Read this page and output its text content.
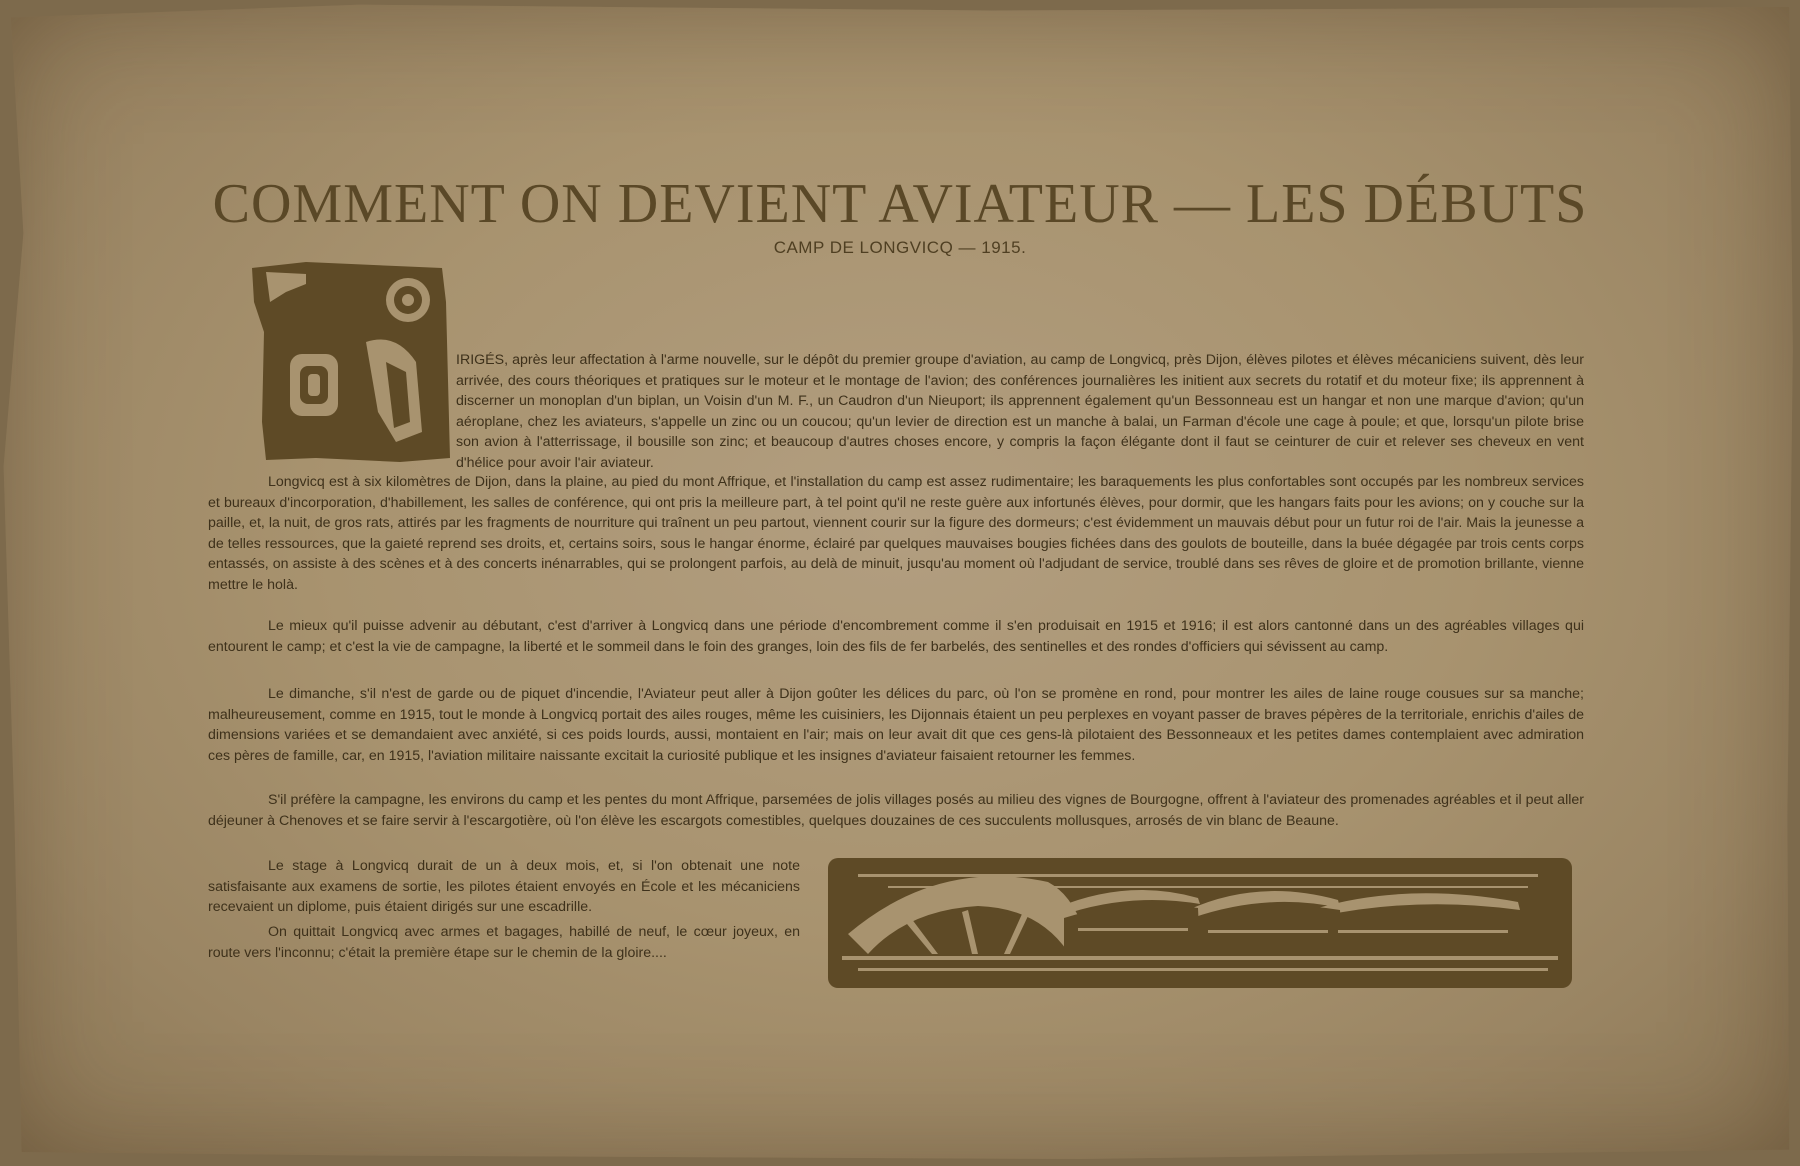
COMMENT ON DEVIENT AVIATEUR — LES DÉBUTS
CAMP DE LONGVICQ — 1915.
IRIGÉS, après leur affectation à l'arme nouvelle, sur le dépôt du premier groupe d'aviation, au camp de Longvicq, près Dijon, élèves pilotes et élèves mécaniciens suivent, dès leur arrivée, des cours théoriques et pratiques sur le moteur et le montage de l'avion; des conférences journalières les initient aux secrets du rotatif et du moteur fixe; ils apprennent à discerner un monoplan d'un biplan, un Voisin d'un M. F., un Caudron d'un Nieuport; ils apprennent également qu'un Bessonneau est un hangar et non une marque d'avion; qu'un aéroplane, chez les aviateurs, s'appelle un zinc ou un coucou; qu'un levier de direction est un manche à balai, un Farman d'école une cage à poule; et que, lorsqu'un pilote brise son avion à l'atterrissage, il bousille son zinc; et beaucoup d'autres choses encore, y compris la façon élégante dont il faut se ceinturer de cuir et relever ses cheveux en vent d'hélice pour avoir l'air aviateur.
Longvicq est à six kilomètres de Dijon, dans la plaine, au pied du mont Affrique, et l'installation du camp est assez rudimentaire; les baraquements les plus confortables sont occupés par les nombreux services et bureaux d'incorporation, d'habillement, les salles de conférence, qui ont pris la meilleure part, à tel point qu'il ne reste guère aux infortunés élèves, pour dormir, que les hangars faits pour les avions; on y couche sur la paille, et, la nuit, de gros rats, attirés par les fragments de nourriture qui traînent un peu partout, viennent courir sur la figure des dormeurs; c'est évidemment un mauvais début pour un futur roi de l'air. Mais la jeunesse a de telles ressources, que la gaieté reprend ses droits, et, certains soirs, sous le hangar énorme, éclairé par quelques mauvaises bougies fichées dans des goulots de bouteille, dans la buée dégagée par trois cents corps entassés, on assiste à des scènes et à des concerts inénarrables, qui se prolongent parfois, au delà de minuit, jusqu'au moment où l'adjudant de service, troublé dans ses rêves de gloire et de promotion brillante, vienne mettre le holà.
Le mieux qu'il puisse advenir au débutant, c'est d'arriver à Longvicq dans une période d'encombrement comme il s'en produisait en 1915 et 1916; il est alors cantonné dans un des agréables villages qui entourent le camp; et c'est la vie de campagne, la liberté et le sommeil dans le foin des granges, loin des fils de fer barbelés, des sentinelles et des rondes d'officiers qui sévissent au camp.
Le dimanche, s'il n'est de garde ou de piquet d'incendie, l'Aviateur peut aller à Dijon goûter les délices du parc, où l'on se promène en rond, pour montrer les ailes de laine rouge cousues sur sa manche; malheureusement, comme en 1915, tout le monde à Longvicq portait des ailes rouges, même les cuisiniers, les Dijonnais étaient un peu perplexes en voyant passer de braves pépères de la territoriale, enrichis d'ailes de dimensions variées et se demandaient avec anxiété, si ces poids lourds, aussi, montaient en l'air; mais on leur avait dit que ces gens-là pilotaient des Bessonneaux et les petites dames contemplaient avec admiration ces pères de famille, car, en 1915, l'aviation militaire naissante excitait la curiosité publique et les insignes d'aviateur faisaient retourner les femmes.
S'il préfère la campagne, les environs du camp et les pentes du mont Affrique, parsemées de jolis villages posés au milieu des vignes de Bourgogne, offrent à l'aviateur des promenades agréables et il peut aller déjeuner à Chenoves et se faire servir à l'escargotière, où l'on élève les escargots comestibles, quelques douzaines de ces succulents mollusques, arrosés de vin blanc de Beaune.
Le stage à Longvicq durait de un à deux mois, et, si l'on obtenait une note satisfaisante aux examens de sortie, les pilotes étaient envoyés en École et les mécaniciens recevaient un diplome, puis étaient dirigés sur une escadrille.
On quittait Longvicq avec armes et bagages, habillé de neuf, le cœur joyeux, en route vers l'inconnu; c'était la première étape sur le chemin de la gloire....
